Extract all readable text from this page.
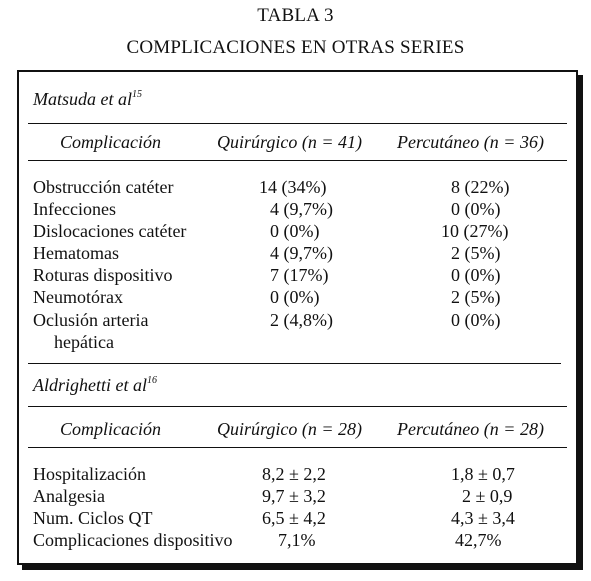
TABLA 3
COMPLICACIONES EN OTRAS SERIES
Matsuda et $al^{15}$
Complicación	Quirúrgico (n = 41) Percutáneo (n = 36)
Obstrucción catéter	14 (34%)	8 (22%)
Infecciones	4 (9,7%)	0 (0%)
Dislocaciones catéter	0 (0%)	10 (27%)
Hematomas	4 (9,7%)	2 (5%)
Roturas dispositivo	7 (17%)	0 (0%)
Neumotórax	0 (0%)	2 (5%)
Oclusión arteria
hepática
2 (4,8%)	0 (0%)
Aldrighetti et $al^{16}$
Complicación	Quirúrgico (n = 28) Percutáneo (n = 28)
Hospitalización	8,2 ± 2,2	1,8 ± 0,7
Analgesia	9,7 ± 3,2	2 ± 0,9
Num. Ciclos QT	6,5 ± 4,2	4,3 ± 3,4
Complicaciones dispositivo	7,1%	42,7%
